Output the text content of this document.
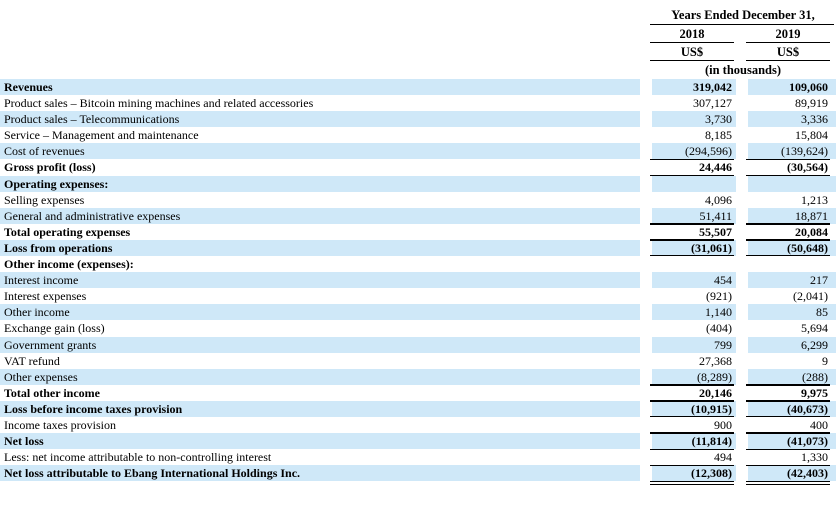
Years Ended December 31,
2018	2019
US$	US$
(in thousands)
Revenues	319,042	109,060
Product sales – Bitcoin mining machines and related accessories	307,127	89,919
Product sales – Telecommunications	3,730	3,336
Service – Management and maintenance	8,185	15,804
Cost of revenues	(294,596)	(139,624)
Gross profit (loss)	24,446	(30,564)
Operating expenses:
Selling expenses	4,096	1,213
General and administrative expenses	51,411	18,871
Total operating expenses	55,507	20,084
Loss from operations	(31,061)	(50,648)
Other income (expenses):
Interest income	454	217
Interest expenses	(921)	(2,041)
Other income	1,140	85
Exchange gain (loss)	(404)	5,694
Government grants	799	6,299
VAT refund	27,368	9
Other expenses	(8,289)	(288)
Total other income	20,146	9,975
Loss before income taxes provision	(10,915)	(40,673)
Income taxes provision	900	400
Net loss	(11,814)	(41,073)
Less: net income attributable to non-controlling interest	494	1,330
Net loss attributable to Ebang International Holdings Inc.	(12,308)	(42,403)
